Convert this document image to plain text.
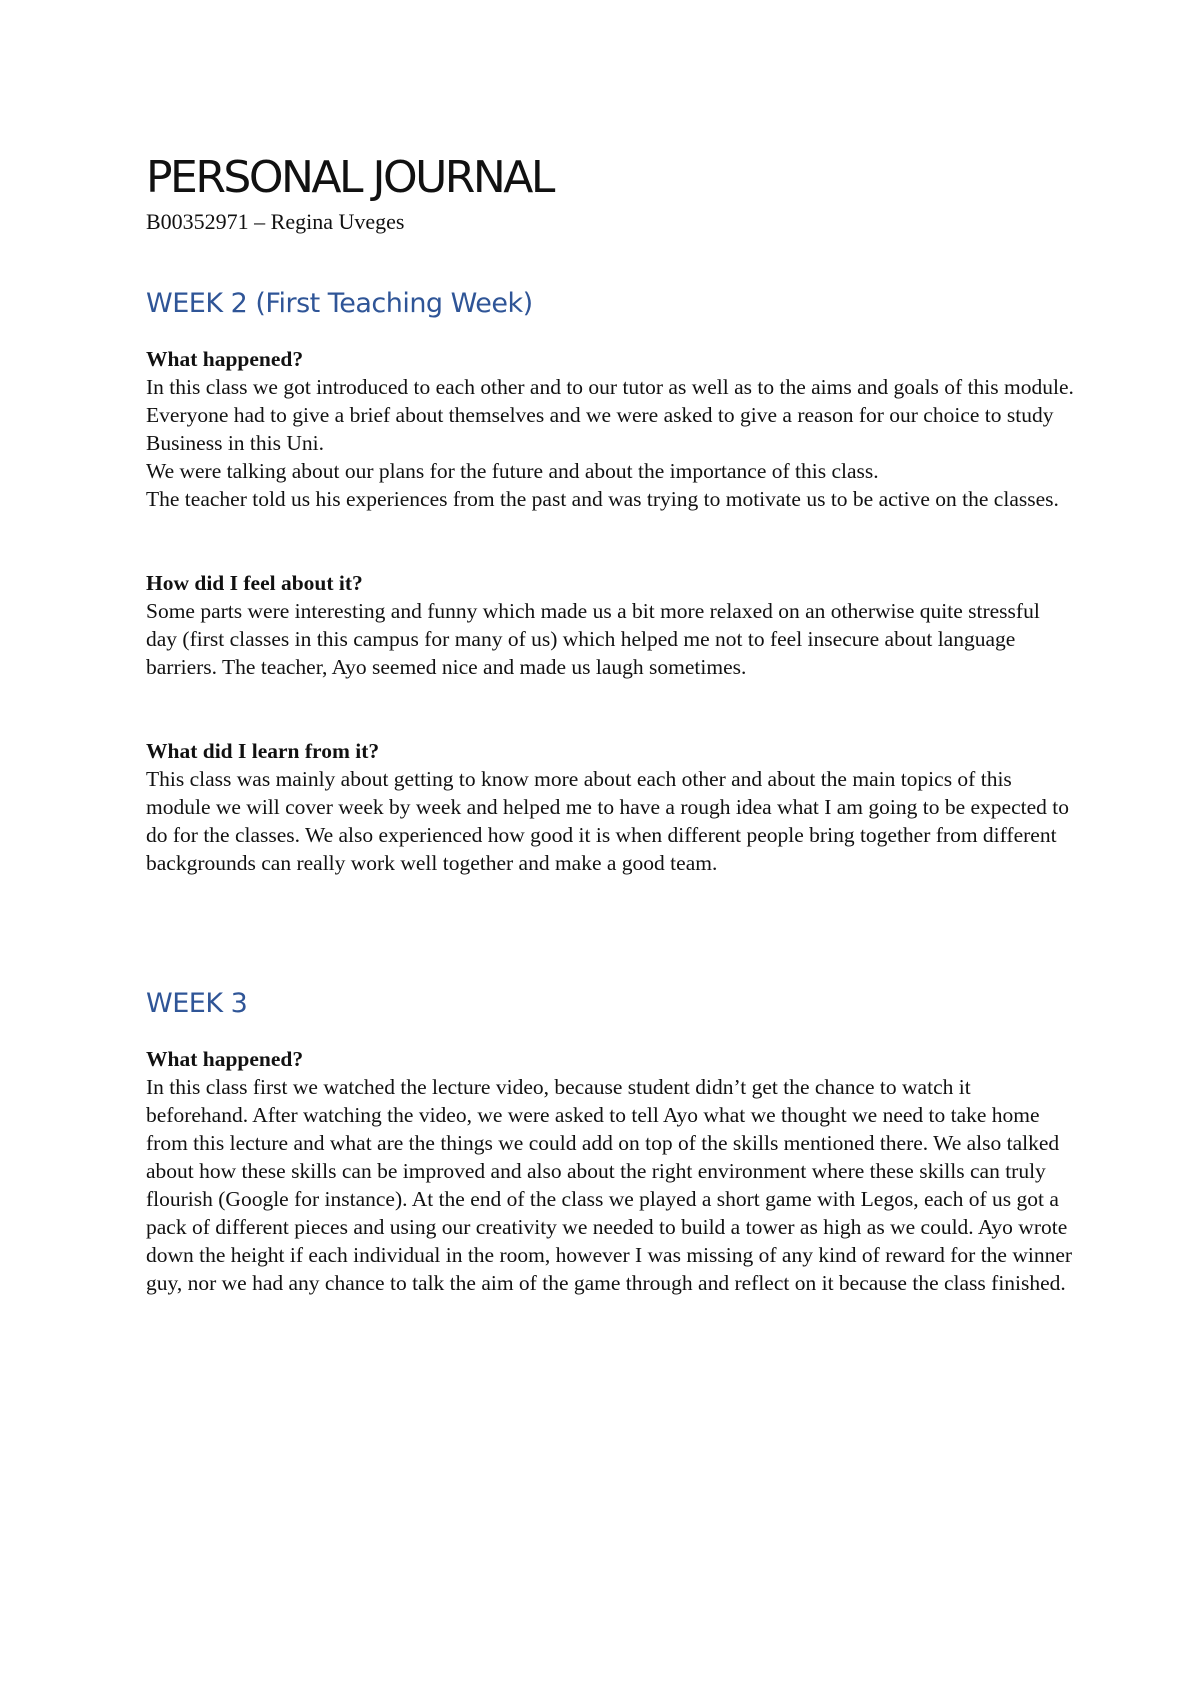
PERSONAL JOURNAL

B00352971 – Regina Uveges

WEEK 2 (First Teaching Week)

What happened?

In this class we got introduced to each other and to our tutor as well as to the aims and goals of this module.

Everyone had to give a brief about themselves and we were asked to give a reason for our choice to study Business in this Uni.

We were talking about our plans for the future and about the importance of this class.

The teacher told us his experiences from the past and was trying to motivate us to be active on the classes.

How did I feel about it?

Some parts were interesting and funny which made us a bit more relaxed on an otherwise quite stressful day (first classes in this campus for many of us) which helped me not to feel insecure about language barriers. The teacher, Ayo seemed nice and made us laugh sometimes.

What did I learn from it?

This class was mainly about getting to know more about each other and about the main topics of this module we will cover week by week and helped me to have a rough idea what I am going to be expected to do for the classes. We also experienced how good it is when different people bring together from different backgrounds can really work well together and make a good team.

WEEK 3

What happened?

In this class first we watched the lecture video, because student didn’t get the chance to watch it beforehand. After watching the video, we were asked to tell Ayo what we thought we need to take home from this lecture and what are the things we could add on top of the skills mentioned there. We also talked about how these skills can be improved and also about the right environment where these skills can truly flourish (Google for instance). At the end of the class we played a short game with Legos, each of us got a pack of different pieces and using our creativity we needed to build a tower as high as we could. Ayo wrote down the height if each individual in the room, however I was missing of any kind of reward for the winner guy, nor we had any chance to talk the aim of the game through and reflect on it because the class finished.
